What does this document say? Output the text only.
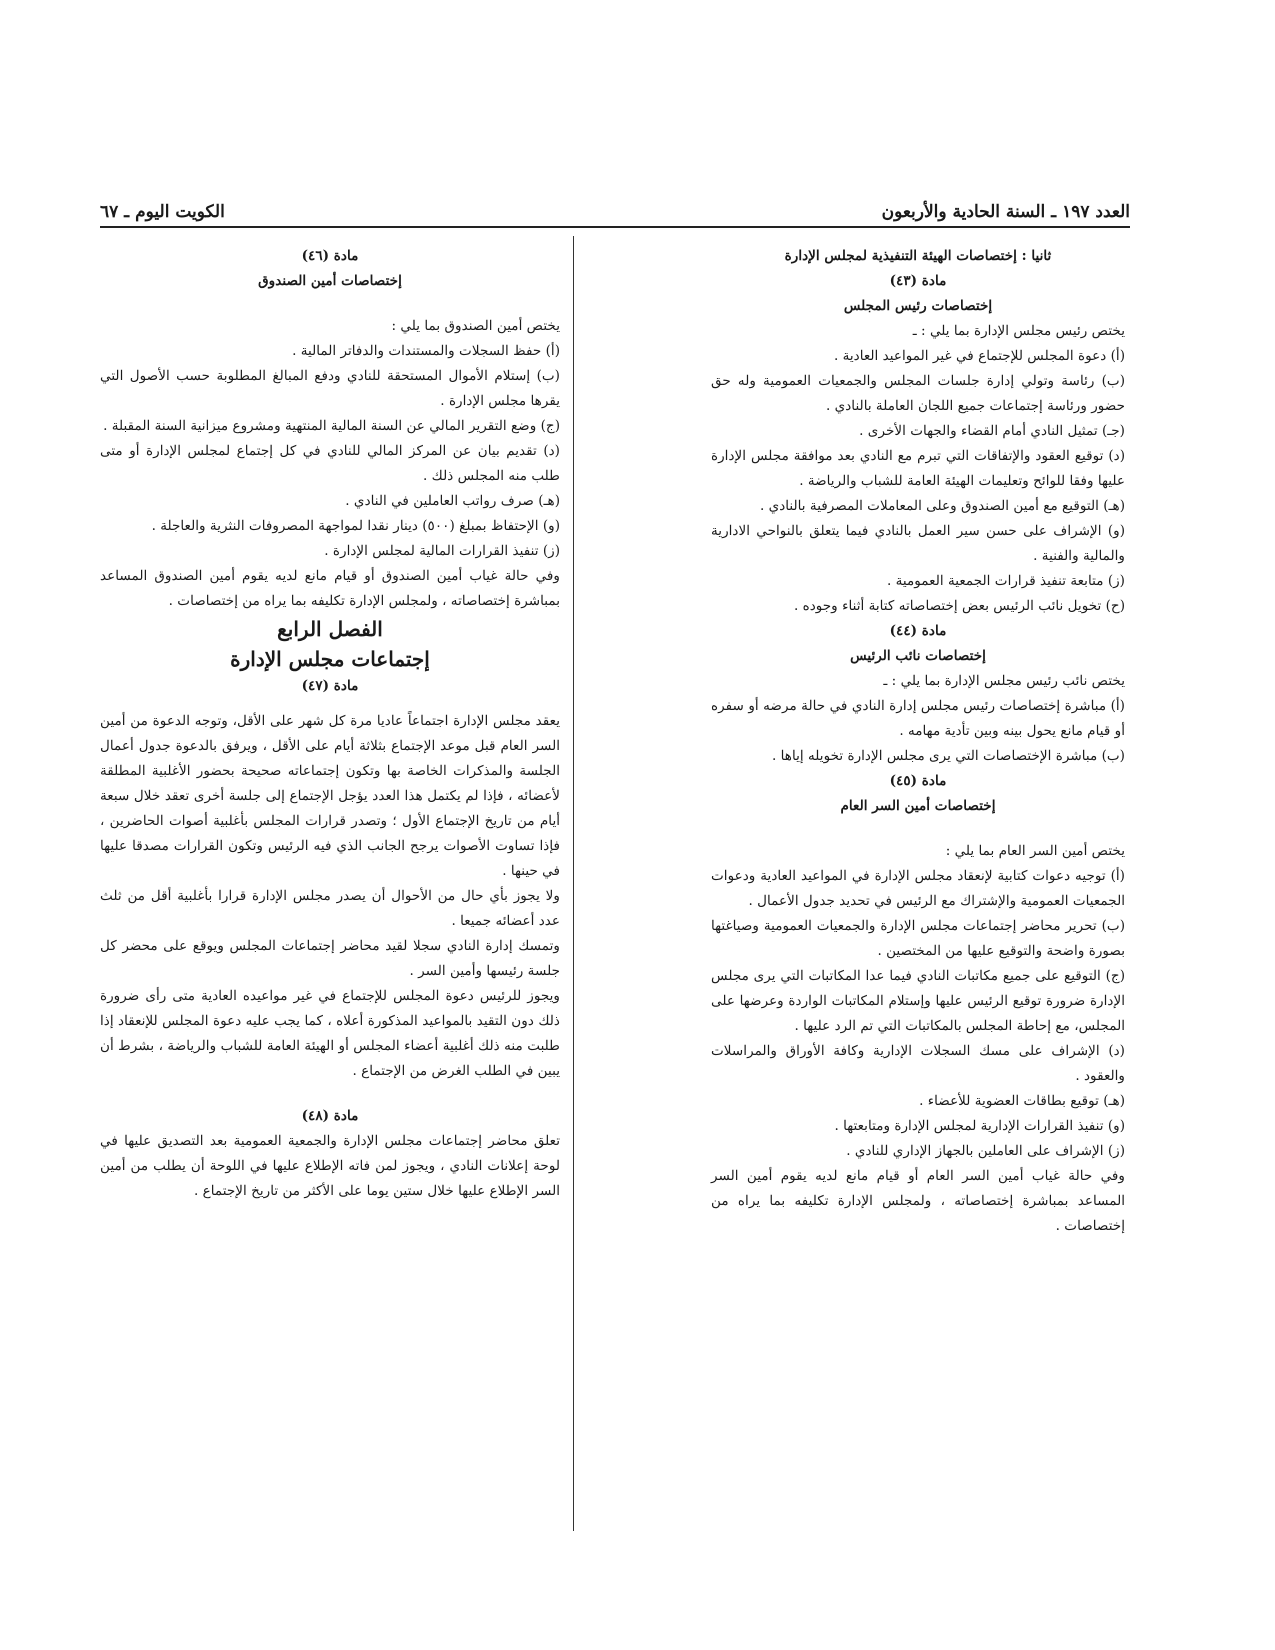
العدد ١٩٧ ـ السنة الحادية والأربعون
الكويت اليوم ـ ٦٧

ثانيا : إختصاصات الهيئة التنفيذية لمجلس الإدارة

مادة (٤٣)

إختصاصات رئيس المجلس

يختص رئيس مجلس الإدارة بما يلي : ـ

(أ) دعوة المجلس للإجتماع في غير المواعيد العادية .

(ب) رئاسة وتولي إدارة جلسات المجلس والجمعيات العمومية وله حق حضور ورئاسة إجتماعات جميع اللجان العاملة بالنادي .

(جـ) تمثيل النادي أمام القضاء والجهات الأخرى .

(د) توقيع العقود والإتفاقات التي تبرم مع النادي بعد موافقة مجلس الإدارة عليها وفقا للوائح وتعليمات الهيئة العامة للشباب والرياضة .

(هـ) التوقيع مع أمين الصندوق وعلى المعاملات المصرفية بالنادي .

(و) الإشراف على حسن سير العمل بالنادي فيما يتعلق بالنواحي الادارية والمالية والفنية .

(ز) متابعة تنفيذ قرارات الجمعية العمومية .

(ح) تخويل نائب الرئيس بعض إختصاصاته كتابة أثناء وجوده .

مادة (٤٤)

إختصاصات نائب الرئيس

يختص نائب رئيس مجلس الإدارة بما يلي : ـ

(أ) مباشرة إختصاصات رئيس مجلس إدارة النادي في حالة مرضه أو سفره أو قيام مانع يحول بينه وبين تأدية مهامه .

(ب) مباشرة الإختصاصات التي يرى مجلس الإدارة تخويله إياها .

مادة (٤٥)

إختصاصات أمين السر العام

يختص أمين السر العام بما يلي :

(أ) توجيه دعوات كتابية لإنعقاد مجلس الإدارة في المواعيد العادية ودعوات الجمعيات العمومية والإشتراك مع الرئيس في تحديد جدول الأعمال .

(ب) تحرير محاضر إجتماعات مجلس الإدارة والجمعيات العمومية وصياغتها بصورة واضحة والتوقيع عليها من المختصين .

(ج) التوقيع على جميع مكاتبات النادي فيما عدا المكاتبات التي يرى مجلس الإدارة ضرورة توقيع الرئيس عليها وإستلام المكاتبات الواردة وعرضها على المجلس، مع إحاطة المجلس بالمكاتبات التي تم الرد عليها .

(د) الإشراف على مسك السجلات الإدارية وكافة الأوراق والمراسلات والعقود .

(هـ) توقيع بطاقات العضوية للأعضاء .

(و) تنفيذ القرارات الإدارية لمجلس الإدارة ومتابعتها .

(ز) الإشراف على العاملين بالجهاز الإداري للنادي .

وفي حالة غياب أمين السر العام أو قيام مانع لديه يقوم أمين السر المساعد بمباشرة إختصاصاته ، ولمجلس الإدارة تكليفه بما يراه من إختصاصات .

مادة (٤٦)

إختصاصات أمين الصندوق

يختص أمين الصندوق بما يلي :

(أ) حفظ السجلات والمستندات والدفاتر المالية .

(ب) إستلام الأموال المستحقة للنادي ودفع المبالغ المطلوبة حسب الأصول التي يقرها مجلس الإدارة .

(ج) وضع التقرير المالي عن السنة المالية المنتهية ومشروع ميزانية السنة المقبلة .

(د) تقديم بيان عن المركز المالي للنادي في كل إجتماع لمجلس الإدارة أو متى طلب منه المجلس ذلك .

(هـ) صرف رواتب العاملين في النادي .

(و) الإحتفاظ بمبلغ (٥٠٠) دينار نقدا لمواجهة المصروفات النثرية والعاجلة .

(ز) تنفيذ القرارات المالية لمجلس الإدارة .

وفي حالة غياب أمين الصندوق أو قيام مانع لديه يقوم أمين الصندوق المساعد بمباشرة إختصاصاته ، ولمجلس الإدارة تكليفه بما يراه من إختصاصات .

الفصل الرابع

إجتماعات مجلس الإدارة

مادة (٤٧)

يعقد مجلس الإدارة اجتماعاً عاديا مرة كل شهر على الأقل، وتوجه الدعوة من أمين السر العام قبل موعد الإجتماع بثلاثة أيام على الأقل ، ويرفق بالدعوة جدول أعمال الجلسة والمذكرات الخاصة بها وتكون إجتماعاته صحيحة بحضور الأغلبية المطلقة لأعضائه ، فإذا لم يكتمل هذا العدد يؤجل الإجتماع إلى جلسة أخرى تعقد خلال سبعة أيام من تاريخ الإجتماع الأول ؛ وتصدر قرارات المجلس بأغلبية أصوات الحاضرين ، فإذا تساوت الأصوات يرجح الجانب الذي فيه الرئيس وتكون القرارات مصدقا عليها في حينها .

ولا يجوز بأي حال من الأحوال أن يصدر مجلس الإدارة قرارا بأغلبية أقل من ثلث عدد أعضائه جميعا .

وتمسك إدارة النادي سجلا لقيد محاضر إجتماعات المجلس ويوقع على محضر كل جلسة رئيسها وأمين السر .

ويجوز للرئيس دعوة المجلس للإجتماع في غير مواعيده العادية متى رأى ضرورة ذلك دون التقيد بالمواعيد المذكورة أعلاه ، كما يجب عليه دعوة المجلس للإنعقاد إذا طلبت منه ذلك أغلبية أعضاء المجلس أو الهيئة العامة للشباب والرياضة ، بشرط أن يبين في الطلب الغرض من الإجتماع .

مادة (٤٨)

تعلق محاضر إجتماعات مجلس الإدارة والجمعية العمومية بعد التصديق عليها في لوحة إعلانات النادي ، ويجوز لمن فاته الإطلاع عليها في اللوحة أن يطلب من أمين السر الإطلاع عليها خلال ستين يوما على الأكثر من تاريخ الإجتماع .
